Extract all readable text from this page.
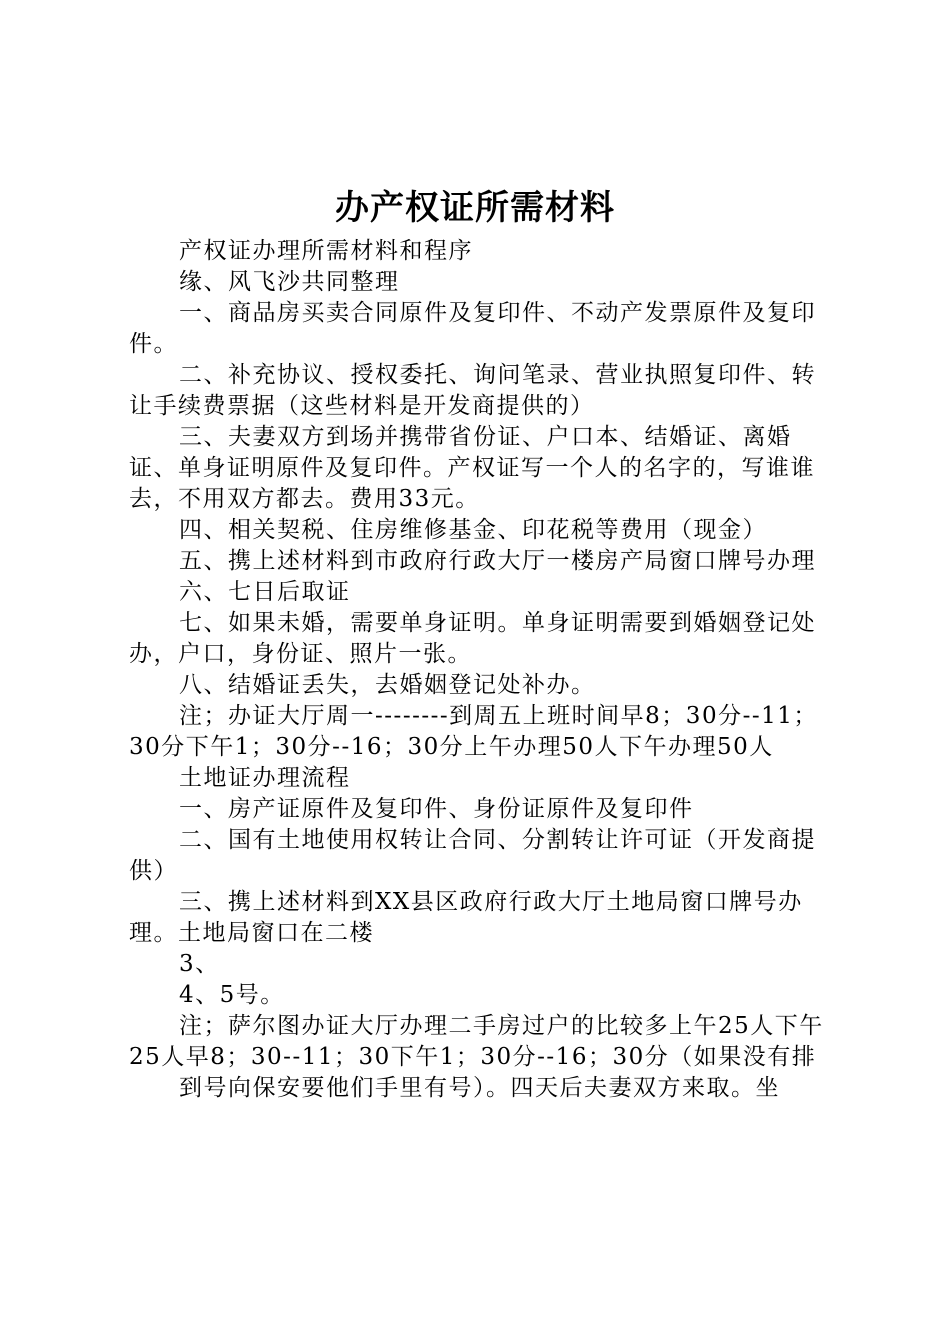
办产权证所需材料

产权证办理所需材料和程序

缘、风飞沙共同整理

一、商品房买卖合同原件及复印件、不动产发票原件及复印件。

二、补充协议、授权委托、询问笔录、营业执照复印件、转让手续费票据（这些材料是开发商提供的）

三、夫妻双方到场并携带省份证、户口本、结婚证、离婚证、单身证明原件及复印件。产权证写一个人的名字的，写谁谁去，不用双方都去。费用33元。

四、相关契税、住房维修基金、印花税等费用（现金）

五、携上述材料到市政府行政大厅一楼房产局窗口牌号办理

六、七日后取证

七、如果未婚，需要单身证明。单身证明需要到婚姻登记处办，户口，身份证、照片一张。

八、结婚证丢失，去婚姻登记处补办。

注；办证大厅周一--------到周五上班时间早8；30分--11；30分下午1；30分--16；30分上午办理50人下午办理50人

土地证办理流程

一、房产证原件及复印件、身份证原件及复印件

二、国有土地使用权转让合同、分割转让许可证（开发商提供）

三、携上述材料到XX县区政府行政大厅土地局窗口牌号办理。土地局窗口在二楼

3、

4、5号。

注；萨尔图办证大厅办理二手房过户的比较多上午25人下午25人早8；30--11；30下午1；30分--16；30分（如果没有排

到号向保安要他们手里有号）。四天后夫妻双方来取。坐
